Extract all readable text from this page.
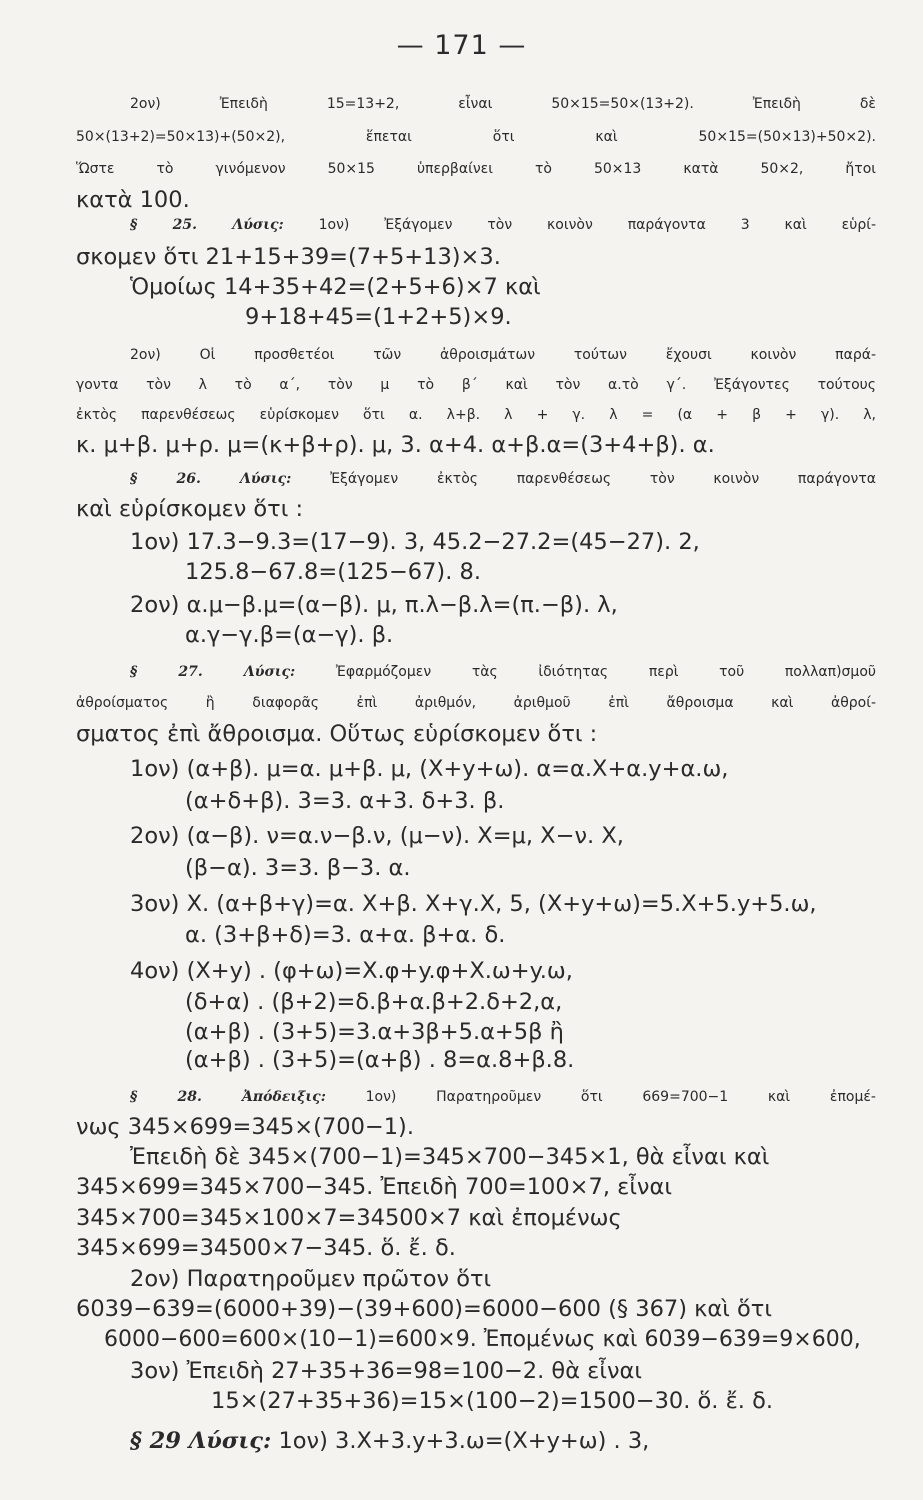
— 171 —
2ον) Ἐπειδὴ 15=13+2, εἶναι 50×15=50×(13+2). Ἐπειδὴ δὲ
50×(13+2)=50×13)+(50×2), ἕπεται ὅτι καὶ 50×15=(50×13)+50×2).
Ὥστε τὸ γινόμενον 50×15 ὑπερβαίνει τὸ 50×13 κατὰ 50×2, ἤτοι
κατὰ 100.
§ 25. Λύσις: 1ον) Ἐξάγομεν τὸν κοινὸν παράγοντα 3 καὶ εὑρί-
σκομεν ὅτι 21+15+39=(7+5+13)×3.
Ὁμοίως 14+35+42=(2+5+6)×7 καὶ
9+18+45=(1+2+5)×9.
2ον) Οἱ προσθετέοι τῶν ἀθροισμάτων τούτων ἔχουσι κοινὸν παρά-
γοντα τὸν λ τὸ α΄, τὸν μ τὸ β΄ καὶ τὸν α.τὸ γ΄. Ἐξάγοντες τούτους
ἐκτὸς παρενθέσεως εὑρίσκομεν ὅτι α. λ+β. λ + γ. λ = (α + β + γ). λ,
κ. μ+β. μ+ρ. μ=(κ+β+ρ). μ, 3. α+4. α+β.α=(3+4+β). α.
§ 26. Λύσις: Ἐξάγομεν ἐκτὸς παρενθέσεως τὸν κοινὸν παράγοντα
καὶ εὑρίσκομεν ὅτι :
1ον) 17.3−9.3=(17−9). 3, 45.2−27.2=(45−27). 2,
125.8−67.8=(125−67). 8.
2ον) α.μ−β.μ=(α−β). μ, π.λ−β.λ=(π.−β). λ,
α.γ−γ.β=(α−γ). β.
§ 27. Λύσις: Ἐφαρμόζομεν τὰς ἰδιότητας περὶ τοῦ πολλαπ)σμοῦ
ἀθροίσματος ἢ διαφορᾶς ἐπὶ ἀριθμόν, ἀριθμοῦ ἐπὶ ἄθροισμα καὶ ἀθροί-
σματος ἐπὶ ἄθροισμα. Οὕτως εὑρίσκομεν ὅτι :
1ον) (α+β). μ=α. μ+β. μ, (Χ+y+ω). α=α.Χ+α.y+α.ω,
(α+δ+β). 3=3. α+3. δ+3. β.
2ον) (α−β). ν=α.ν−β.ν, (μ−ν). Χ=μ, Χ−ν. Χ,
(β−α). 3=3. β−3. α.
3ον) Χ. (α+β+γ)=α. Χ+β. Χ+γ.Χ, 5, (Χ+y+ω)=5.Χ+5.y+5.ω,
α. (3+β+δ)=3. α+α. β+α. δ.
4ον) (Χ+y) . (φ+ω)=Χ.φ+y.φ+Χ.ω+y.ω,
(δ+α) . (β+2)=δ.β+α.β+2.δ+2,α,
(α+β) . (3+5)=3.α+3β+5.α+5β ἢ
(α+β) . (3+5)=(α+β) . 8=α.8+β.8.
§ 28. Ἀπόδειξις: 1ον) Παρατηροῦμεν ὅτι 669=700−1 καὶ ἐπομέ-
νως 345×699=345×(700−1).
Ἐπειδὴ δὲ 345×(700−1)=345×700−345×1, θὰ εἶναι καὶ
345×699=345×700−345. Ἐπειδὴ 700=100×7, εἶναι
345×700=345×100×7=34500×7 καὶ ἐπομένως
345×699=34500×7−345. ὅ. ἔ. δ.
2ον) Παρατηροῦμεν πρῶτον ὅτι
6039−639=(6000+39)−(39+600)=6000−600 (§ 367) καὶ ὅτι
6000−600=600×(10−1)=600×9. Ἐπομένως καὶ 6039−639=9×600,
3ον) Ἐπειδὴ 27+35+36=98=100−2. θὰ εἶναι
15×(27+35+36)=15×(100−2)=1500−30. ὅ. ἔ. δ.
§ 29 Λύσις: 1ον) 3.Χ+3.y+3.ω=(Χ+y+ω) . 3,
